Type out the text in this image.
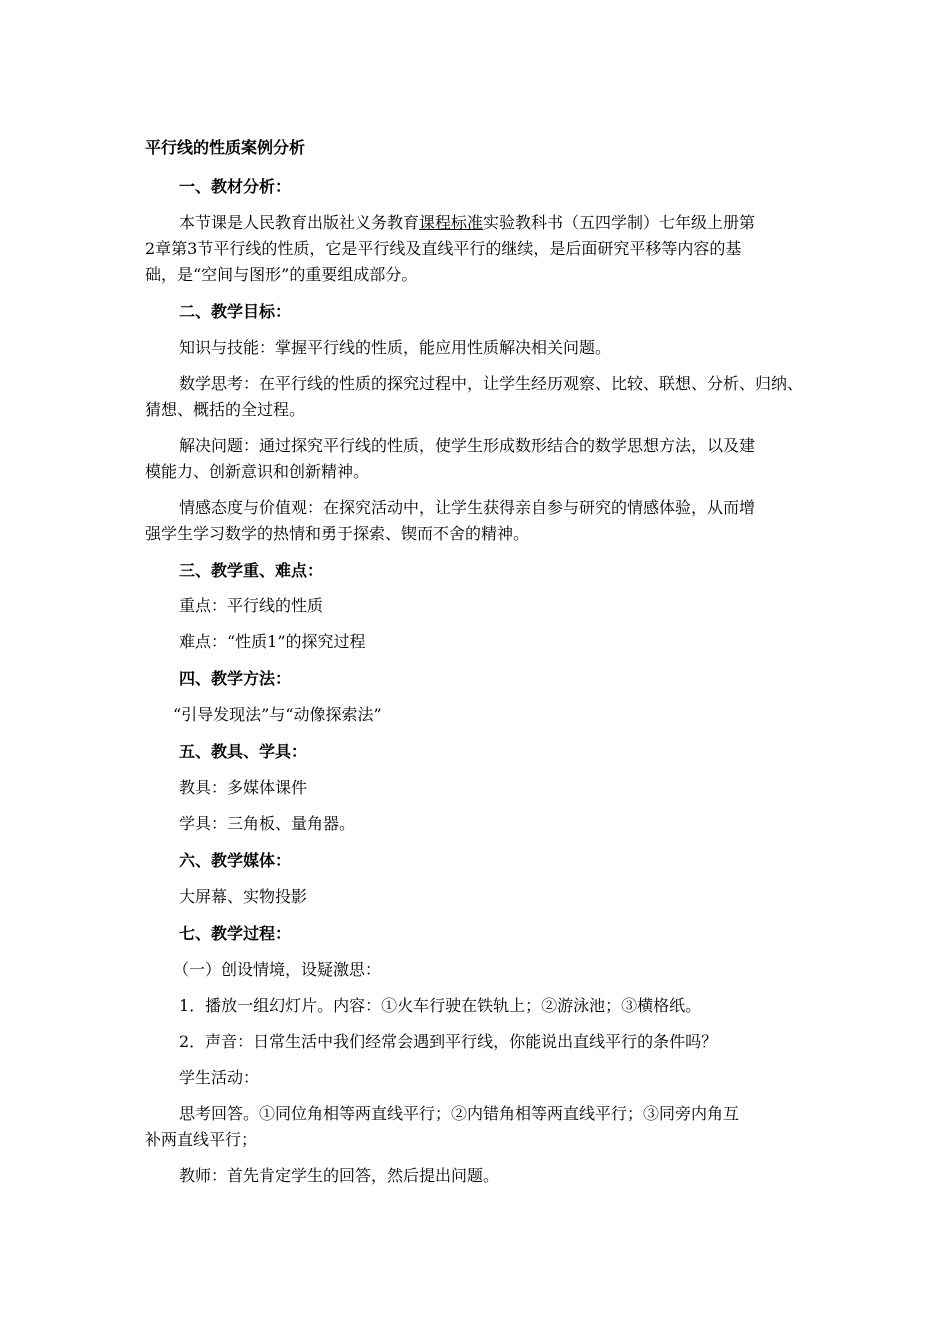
平行线的性质案例分析
一、教材分析：
本节课是人民教育出版社义务教育课程标准实验教科书（五四学制）七年级上册第
2章第3节平行线的性质，它是平行线及直线平行的继续，是后面研究平移等内容的基
础，是“空间与图形”的重要组成部分。
二、教学目标：
知识与技能：掌握平行线的性质，能应用性质解决相关问题。
数学思考：在平行线的性质的探究过程中，让学生经历观察、比较、联想、分析、归纳、
猜想、概括的全过程。
解决问题：通过探究平行线的性质，使学生形成数形结合的数学思想方法，以及建
模能力、创新意识和创新精神。
情感态度与价值观：在探究活动中，让学生获得亲自参与研究的情感体验，从而增
强学生学习数学的热情和勇于探索、锲而不舍的精神。
三、教学重、难点：
重点：平行线的性质
难点：“性质1”的探究过程
四、教学方法：
“引导发现法”与“动像探索法”
五、教具、学具：
教具：多媒体课件
学具：三角板、量角器。
六、教学媒体：
大屏幕、实物投影
七、教学过程：
（一）创设情境，设疑激思：
1．播放一组幻灯片。内容：①火车行驶在铁轨上；②游泳池；③横格纸。
2．声音：日常生活中我们经常会遇到平行线，你能说出直线平行的条件吗？
学生活动：
思考回答。①同位角相等两直线平行；②内错角相等两直线平行；③同旁内角互
补两直线平行；
教师：首先肯定学生的回答，然后提出问题。
